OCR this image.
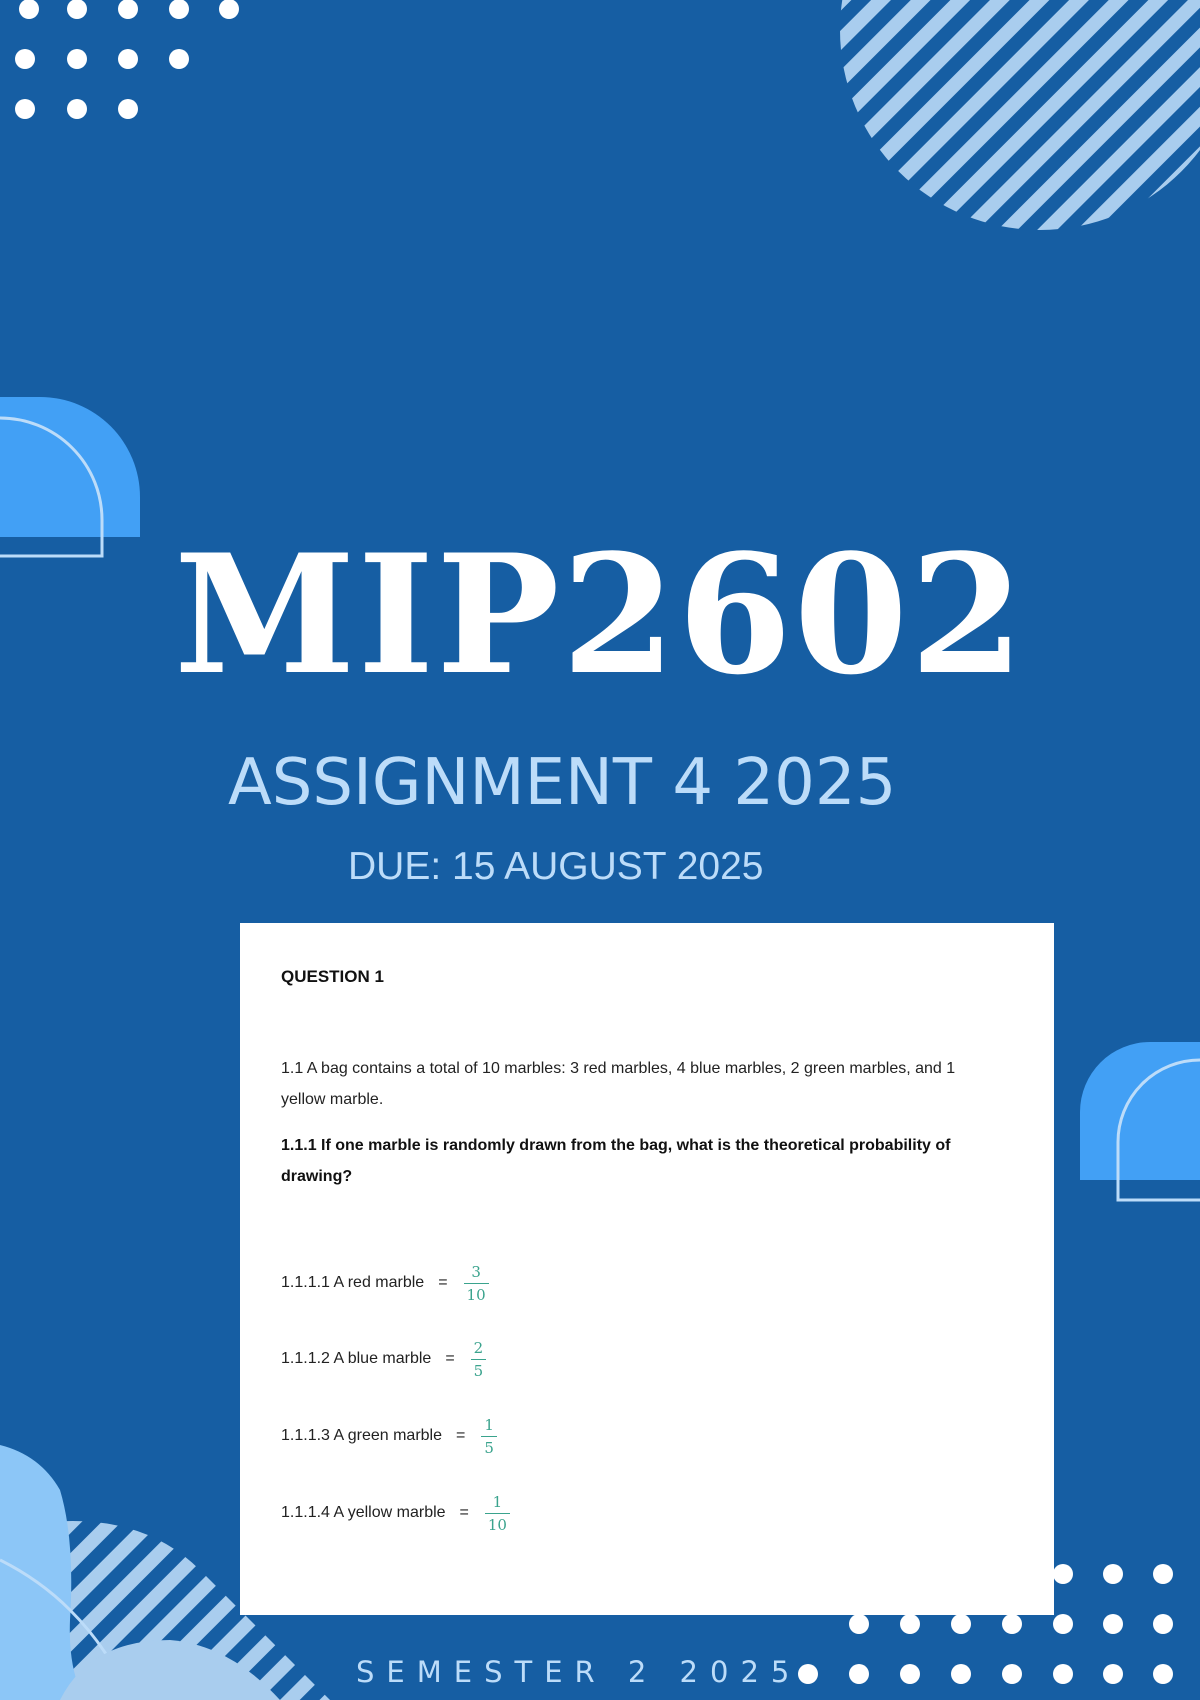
MIP2602
ASSIGNMENT 4 2025
DUE: 15 AUGUST 2025
QUESTION 1
1.1 A bag contains a total of 10 marbles: 3 red marbles, 4 blue marbles, 2 green marbles, and 1 yellow marble.
1.1.1 If one marble is randomly drawn from the bag, what is the theoretical probability of drawing?
1.1.1.1 A red marble = $\frac{3}{10}$
1.1.1.2 A blue marble = $\frac{2}{5}$
1.1.1.3 A green marble = $\frac{1}{5}$
1.1.1.4 A yellow marble = $\frac{1}{10}$
SEMESTER 2 2025
